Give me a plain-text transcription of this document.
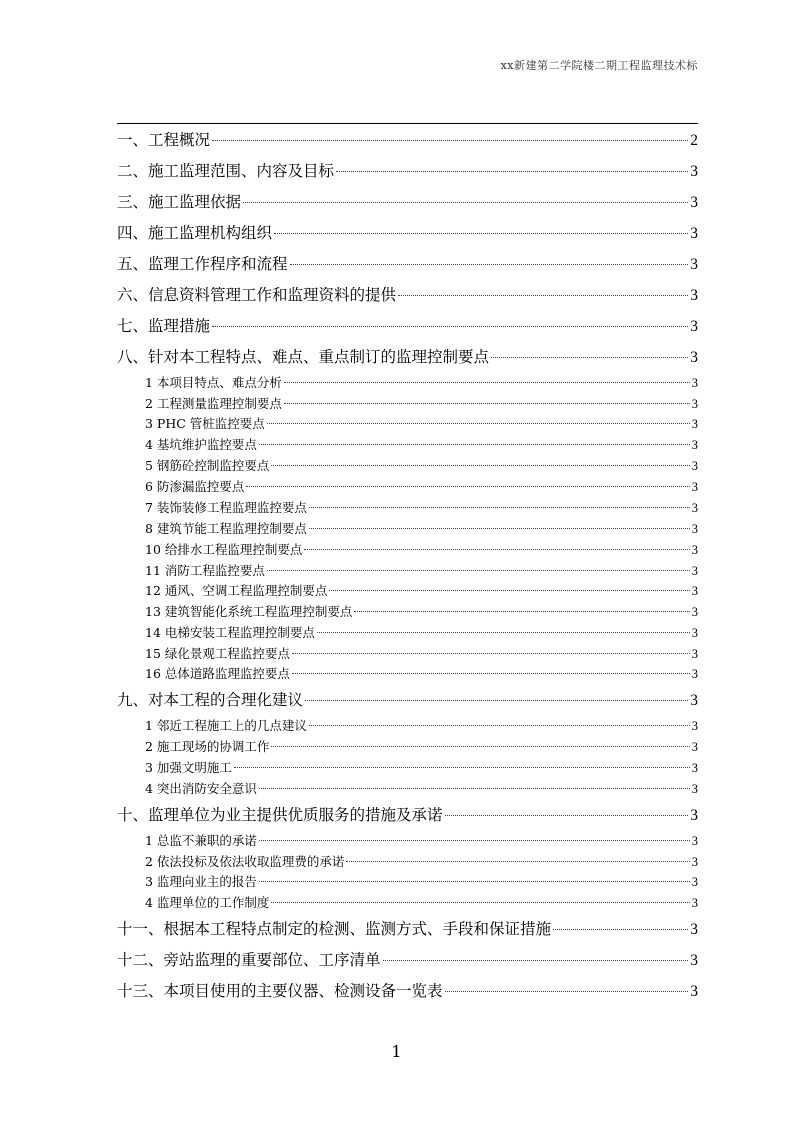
xx新建第二学院楼二期工程监理技术标
一、工程概况	2
二、施工监理范围、内容及目标	3
三、施工监理依据	3
四、施工监理机构组织	3
五、监理工作程序和流程	3
六、信息资料管理工作和监理资料的提供	3
七、监理措施	3
八、针对本工程特点、难点、重点制订的监理控制要点	3
1 本项目特点、难点分析	3
2 工程测量监理控制要点	3
3 PHC 管桩监控要点	3
4 基坑维护监控要点	3
5 钢筋砼控制监控要点	3
6 防渗漏监控要点	3
7 装饰装修工程监理监控要点	3
8 建筑节能工程监理控制要点	3
10 给排水工程监理控制要点	3
11 消防工程监控要点	3
12 通风、空调工程监理控制要点	3
13 建筑智能化系统工程监理控制要点	3
14 电梯安装工程监理控制要点	3
15 绿化景观工程监控要点	3
16 总体道路监理监控要点	3
九、对本工程的合理化建议	3
1 邻近工程施工上的几点建议	3
2 施工现场的协调工作	3
3 加强文明施工	3
4 突出消防安全意识	3
十、监理单位为业主提供优质服务的措施及承诺	3
1 总监不兼职的承诺	3
2 依法投标及依法收取监理费的承诺	3
3 监理向业主的报告	3
4 监理单位的工作制度	3
十一、根据本工程特点制定的检测、监测方式、手段和保证措施	3
十二、旁站监理的重要部位、工序清单	3
十三、本项目使用的主要仪器、检测设备一览表	3
1
